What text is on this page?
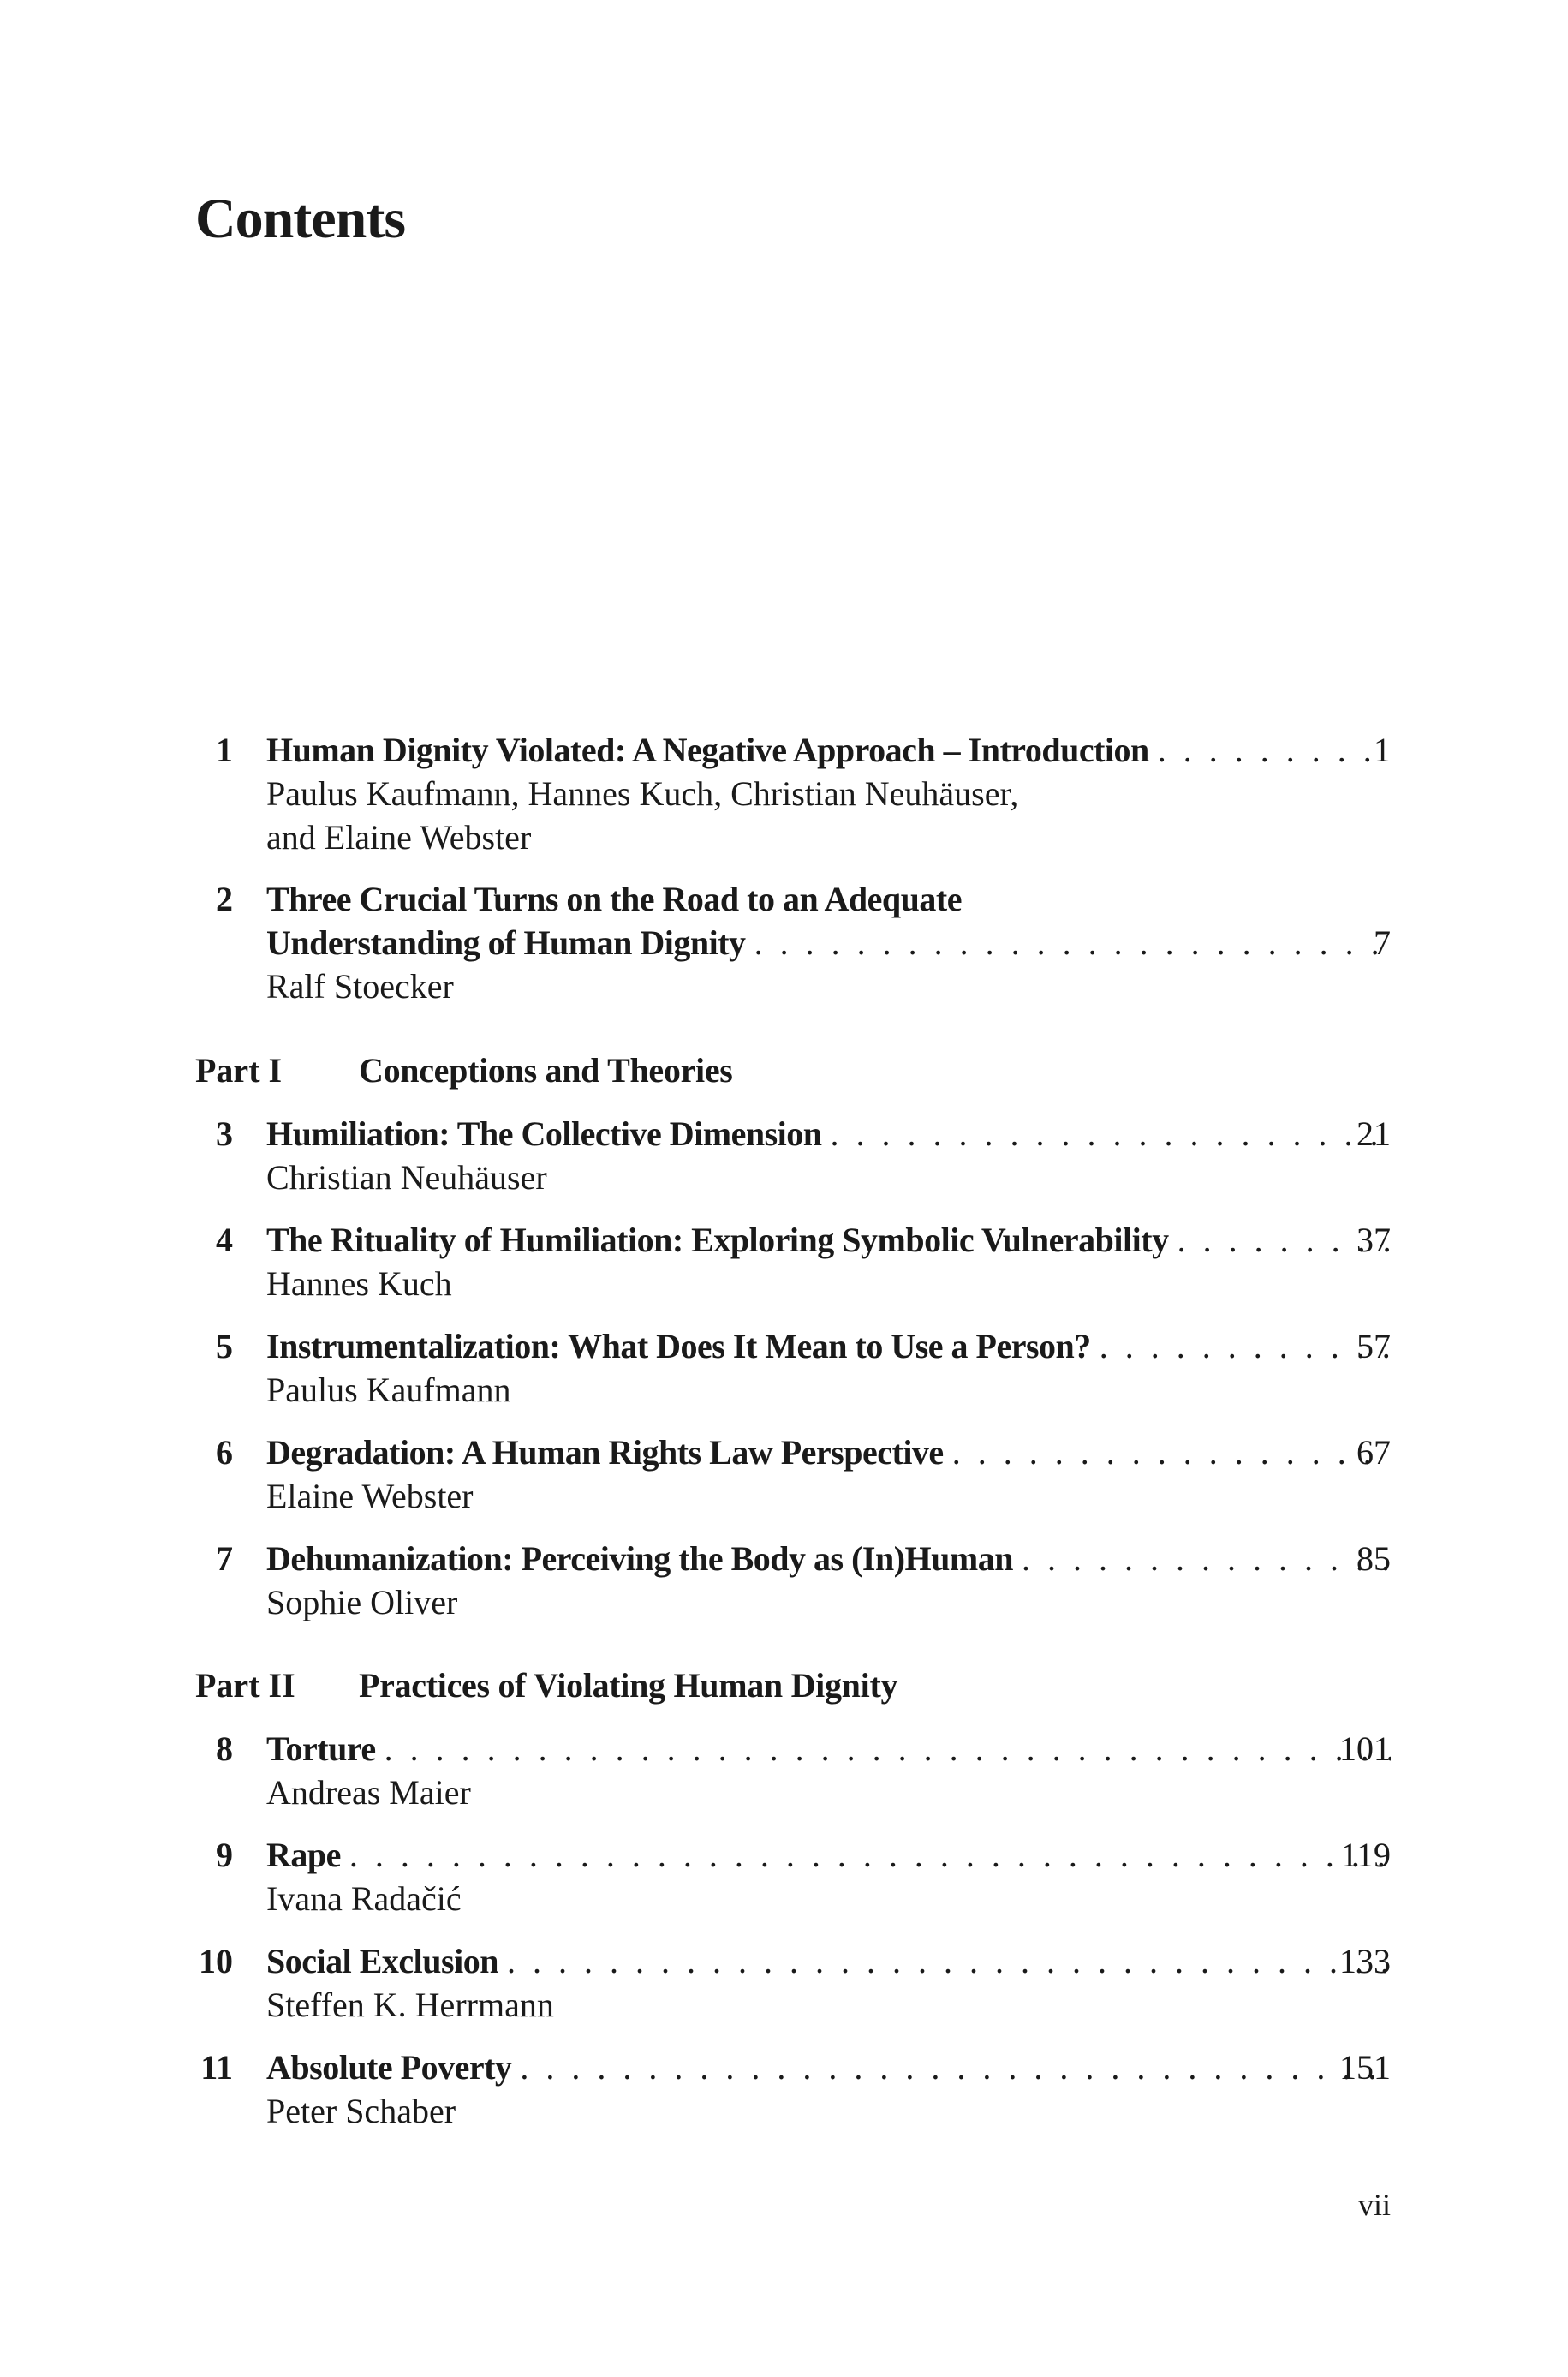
Contents
1 Human Dignity Violated: A Negative Approach – Introduction . . .	1
Paulus Kaufmann, Hannes Kuch, Christian Neuhäuser,
and Elaine Webster
2 Three Crucial Turns on the Road to an Adequate
Understanding of Human Dignity . . .	7
Ralf Stoecker
Part I Conceptions and Theories
3 Humiliation: The Collective Dimension . . .	21
Christian Neuhäuser
4 The Rituality of Humiliation: Exploring Symbolic Vulnerability . . .	37
Hannes Kuch
5 Instrumentalization: What Does It Mean to Use a Person? . . .	57
Paulus Kaufmann
6 Degradation: A Human Rights Law Perspective . . .	67
Elaine Webster
7 Dehumanization: Perceiving the Body as (In)Human . . .	85
Sophie Oliver
Part II Practices of Violating Human Dignity
8 Torture . . .	101
Andreas Maier
9 Rape . . .	119
Ivana Radačić
10 Social Exclusion . . .	133
Steffen K. Herrmann
11 Absolute Poverty . . .	151
Peter Schaber
vii
